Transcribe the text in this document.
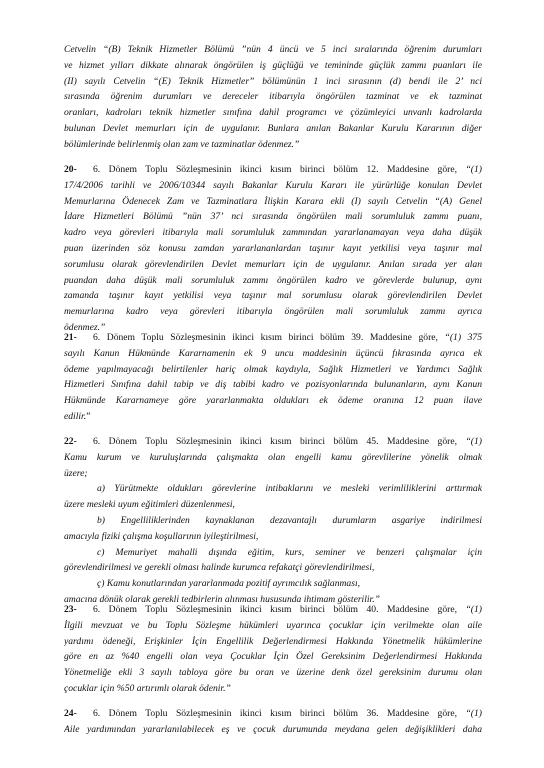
Cetvelin “(B) Teknik Hizmetler Bölümü ”nün 4 üncü ve 5 inci sıralarında öğrenim durumları
ve hizmet yılları dikkate alınarak öngörülen iş güçlüğü ve temininde güçlük zammı puanları ile
(II) sayılı Cetvelin “(E) Teknik Hizmetler” bölümünün 1 inci sırasının (d) bendi ile 2’ nci
sırasında öğrenim durumları ve dereceler itibarıyla öngörülen tazminat ve ek tazminat
oranları, kadroları teknik hizmetler sınıfına dahil programcı ve çözümleyici unvanlı kadrolarda
bulunan Devlet memurları için de uygulanır. Bunlara anılan Bakanlar Kurulu Kararının diğer
bölümlerinde belirlenmiş olan zam ve tazminatlar ödenmez.”
20- 6. Dönem Toplu Sözleşmesinin ikinci kısım birinci bölüm 12. Maddesine göre, “(1)
17/4/2006 tarihli ve 2006/10344 sayılı Bakanlar Kurulu Kararı ile yürürlüğe konulan Devlet
Memurlarına Ödenecek Zam ve Tazminatlara İlişkin Karara ekli (I) sayılı Cetvelin “(A) Genel
İdare Hizmetleri Bölümü ”nün 37’ nci sırasında öngörülen mali sorumluluk zammı puanı,
kadro veya görevleri itibarıyla mali sorumluluk zammından yararlanamayan veya daha düşük
puan üzerinden söz konusu zamdan yararlananlardan taşınır kayıt yetkilisi veya taşınır mal
sorumlusu olarak görevlendirilen Devlet memurları için de uygulanır. Anılan sırada yer alan
puandan daha düşük mali sorumluluk zammı öngörülen kadro ve görevlerde bulunup, aynı
zamanda taşınır kayıt yetkilisi veya taşınır mal sorumlusu olarak görevlendirilen Devlet
memurlarına kadro veya görevleri itibarıyla öngörülen mali sorumluluk zammı ayrıca
ödenmez.”
21- 6. Dönem Toplu Sözleşmesinin ikinci kısım birinci bölüm 39. Maddesine göre, “(1) 375
sayılı Kanun Hükmünde Kararnamenin ek 9 uncu maddesinin üçüncü fıkrasında ayrıca ek
ödeme yapılmayacağı belirtilenler hariç olmak kaydıyla, Sağlık Hizmetleri ve Yardımcı Sağlık
Hizmetleri Sınıfına dahil tabip ve diş tabibi kadro ve pozisyonlarında bulunanların, aynı Kanun
Hükmünde Kararnameye göre yararlanmakta oldukları ek ödeme oranına 12 puan ilave
edilir.”
22- 6. Dönem Toplu Sözleşmesinin ikinci kısım birinci bölüm 45. Maddesine göre, “(1)
Kamu kurum ve kuruluşlarında çalışmakta olan engelli kamu görevlilerine yönelik olmak
üzere;
a) Yürütmekte oldukları görevlerine intibaklarını ve mesleki verimliliklerini arttırmak
üzere mesleki uyum eğitimleri düzenlenmesi,
b) Engelliliklerinden kaynaklanan dezavantajlı durumların asgariye indirilmesi
amacıyla fiziki çalışma koşullarının iyileştirilmesi,
c) Memuriyet mahalli dışında eğitim, kurs, seminer ve benzeri çalışmalar için
görevlendirilmesi ve gerekli olması halinde kurumca refakatçi görevlendirilmesi,
ç) Kamu konutlarından yararlanmada pozitif ayrımcılık sağlanması,
amacına dönük olarak gerekli tedbirlerin alınması hususunda ihtimam gösterilir.”
23- 6. Dönem Toplu Sözleşmesinin ikinci kısım birinci bölüm 40. Maddesine göre, “(1)
İlgili mevzuat ve bu Toplu Sözleşme hükümleri uyarınca çocuklar için verilmekte olan aile
yardımı ödeneği, Erişkinler İçin Engellilik Değerlendirmesi Hakkında Yönetmelik hükümlerine
göre en az %40 engelli olan veya Çocuklar İçin Özel Gereksinim Değerlendirmesi Hakkında
Yönetmeliğe ekli 3 sayılı tabloya göre bu oran ve üzerine denk özel gereksinim durumu olan
çocuklar için %50 artırımlı olarak ödenir.”
24- 6. Dönem Toplu Sözleşmesinin ikinci kısım birinci bölüm 36. Maddesine göre, “(1)
Aile yardımından yararlanılabilecek eş ve çocuk durumunda meydana gelen değişiklikleri daha
